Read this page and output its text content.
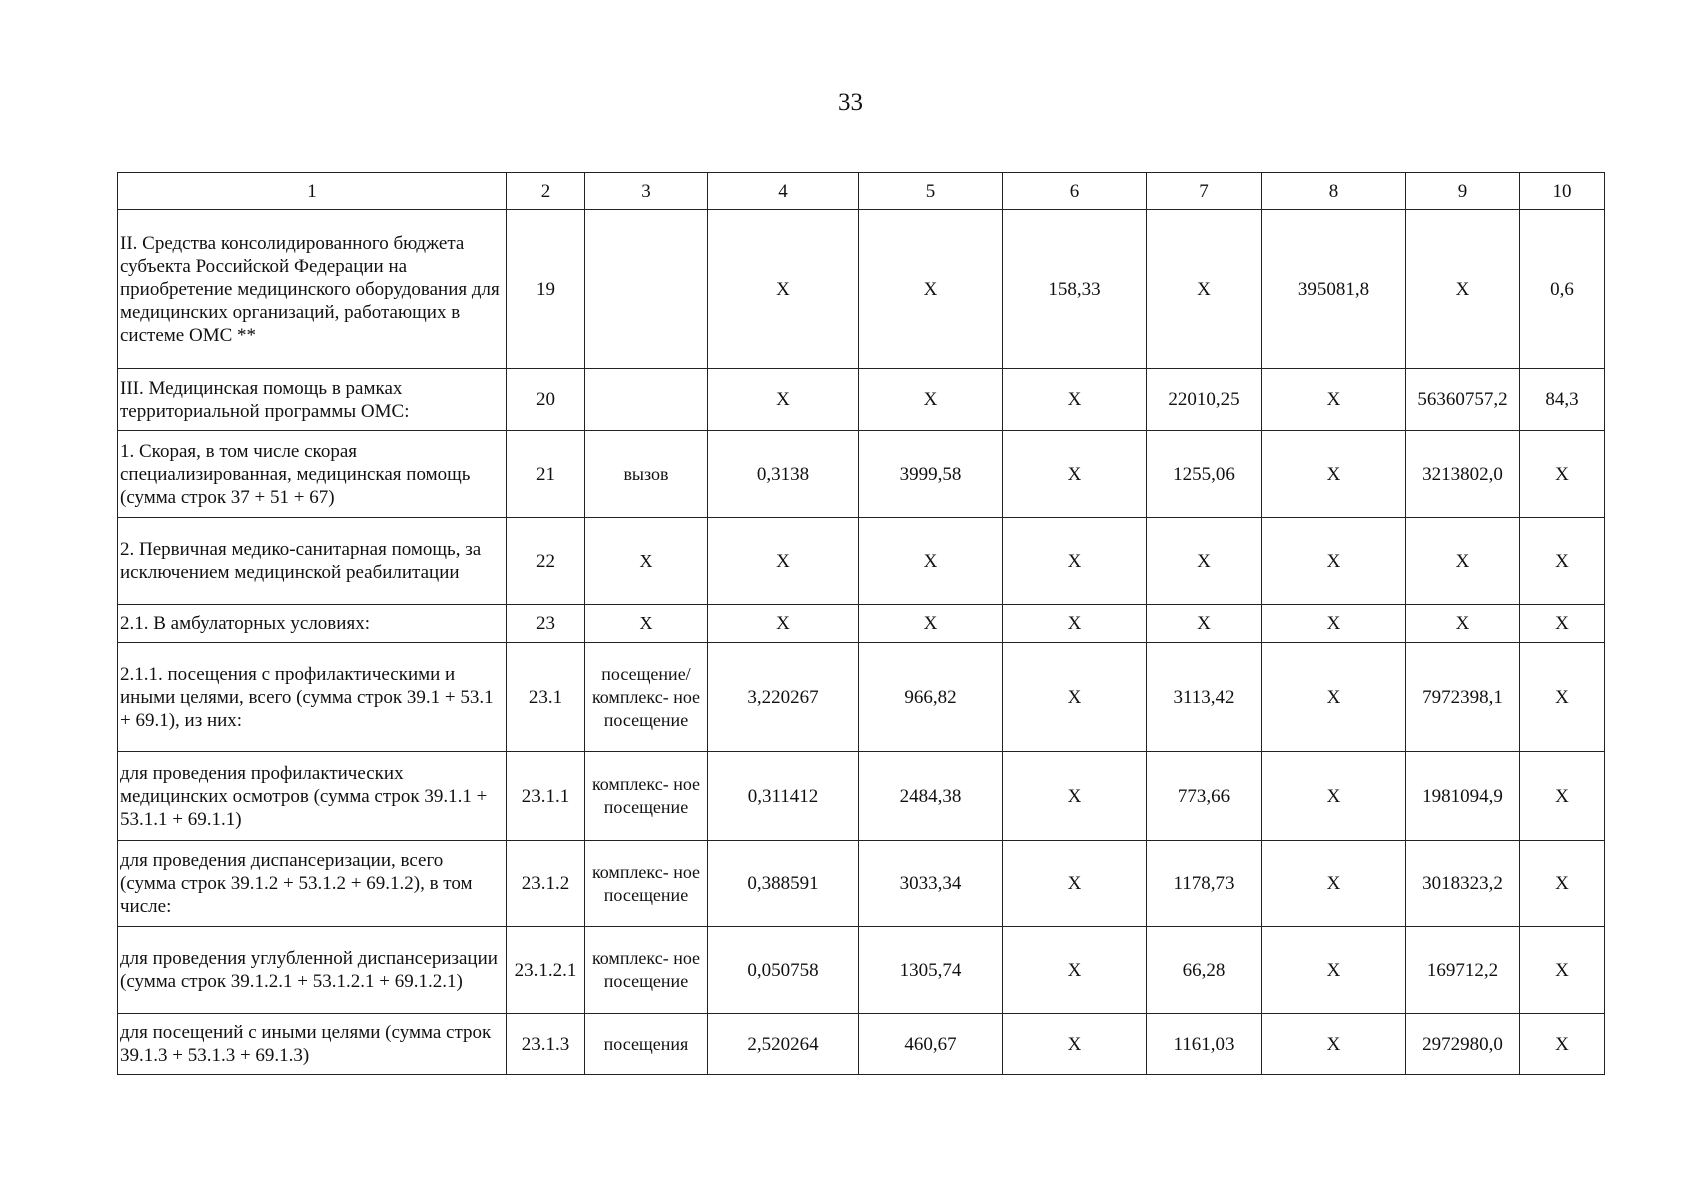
33
1	2	3	4	5	6	7	8	9	10
II. Средства консолидированного бюджета субъекта Российской Федерации на приобретение медицинского оборудования для медицинских организаций, работающих в системе ОМС **	19		X	X	158,33	X	395081,8	X	0,6
III. Медицинская помощь в рамках территориальной программы ОМС:	20		X	X	X	22010,25	X	56360757,2	84,3
1. Скорая, в том числе скорая специализированная, медицинская помощь (сумма строк 37 + 51 + 67)	21	вызов	0,3138	3999,58	X	1255,06	X	3213802,0	X
2. Первичная медико-санитарная помощь, за исключением медицинской реабилитации	22	X	X	X	X	X	X	X	X
2.1. В амбулаторных условиях:	23	X	X	X	X	X	X	X	X
2.1.1. посещения с профилактическими и иными целями, всего (сумма строк 39.1 + 53.1 + 69.1), из них:	23.1	посещение/ комплекс- ное посещение	3,220267	966,82	X	3113,42	X	7972398,1	X
для проведения профилактических медицинских осмотров (сумма строк 39.1.1 + 53.1.1 + 69.1.1)	23.1.1	комплекс- ное посещение	0,311412	2484,38	X	773,66	X	1981094,9	X
для проведения диспансеризации, всего (сумма строк 39.1.2 + 53.1.2 + 69.1.2), в том числе:	23.1.2	комплекс- ное посещение	0,388591	3033,34	X	1178,73	X	3018323,2	X
для проведения углубленной диспансеризации (сумма строк 39.1.2.1 + 53.1.2.1 + 69.1.2.1)	23.1.2.1	комплекс- ное посещение	0,050758	1305,74	X	66,28	X	169712,2	X
для посещений с иными целями (сумма строк 39.1.3 + 53.1.3 + 69.1.3)	23.1.3	посещения	2,520264	460,67	X	1161,03	X	2972980,0	X
